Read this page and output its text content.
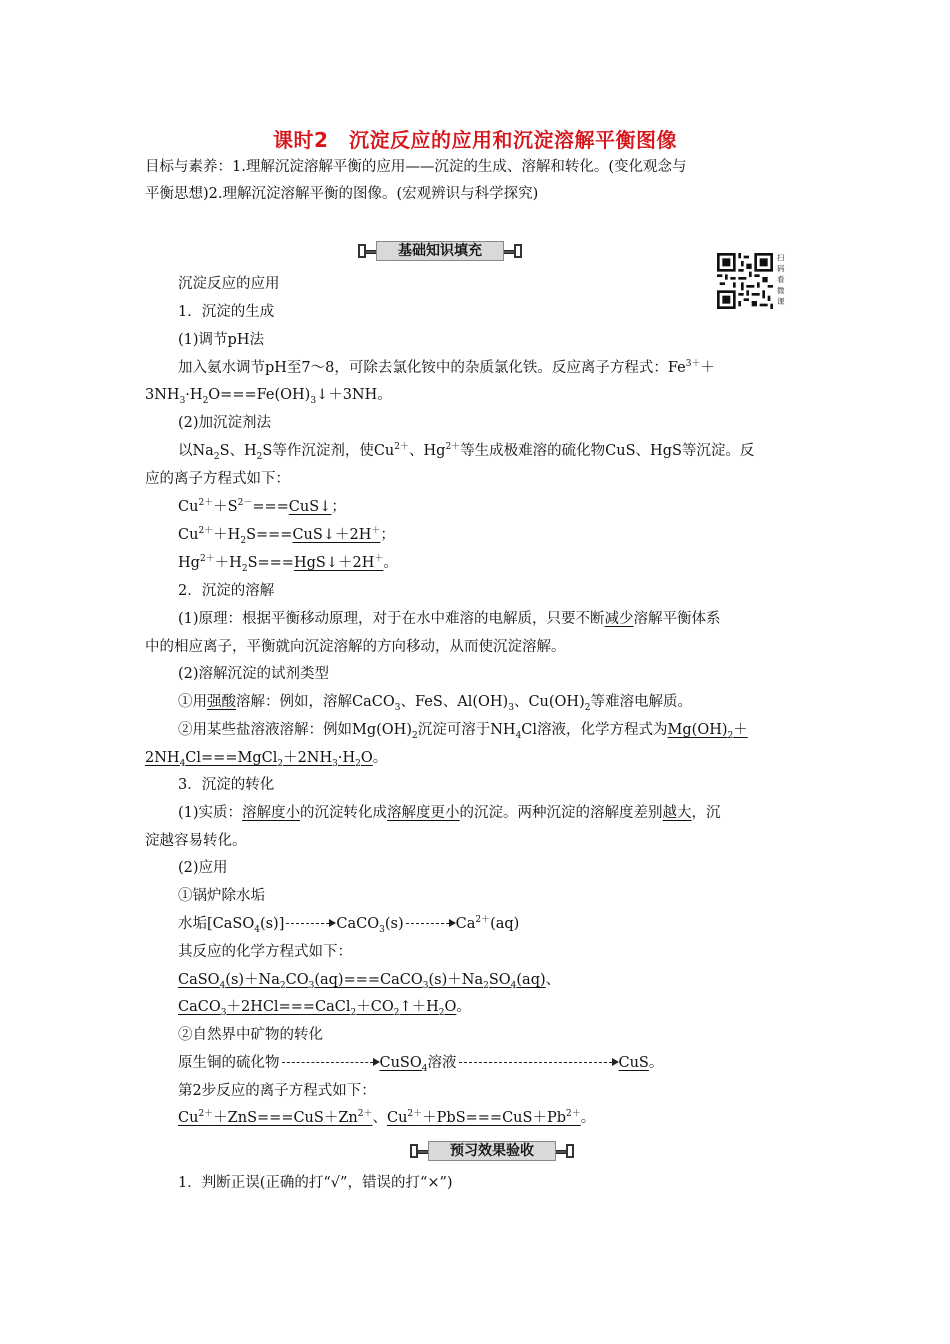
课时2　沉淀反应的应用和沉淀溶解平衡图像
目标与素养：1.理解沉淀溶解平衡的应用——沉淀的生成、溶解和转化。(变化观念与
平衡思想)2.理解沉淀溶解平衡的图像。(宏观辨识与科学探究)
基础知识填充	扫码看微课
沉淀反应的应用
1．沉淀的生成
(1)调节pH法
加入氨水调节pH至7～8，可除去氯化铵中的杂质氯化铁。反应离子方程式：$Fe^{3+}+$
$3NH_3\cdot H_2O===Fe(OH)_3↓+3NH$。
(2)加沉淀剂法
以$Na_2S$、$H_2S$等作沉淀剂，使$Cu^{2+}$、$Hg^{2+}$等生成极难溶的硫化物CuS、HgS等沉淀。反
应的离子方程式如下：
$Cu^{2+}+S^{2-}===CuS↓$；
$Cu^{2+}+H_2S===CuS↓+2H^+$；
$Hg^{2+}+H_2S===HgS↓+2H^+$。
2．沉淀的溶解
(1)原理：根据平衡移动原理，对于在水中难溶的电解质，只要不断减少溶解平衡体系
中的相应离子，平衡就向沉淀溶解的方向移动，从而使沉淀溶解。
(2)溶解沉淀的试剂类型
①用强酸溶解：例如，溶解CaCO$_3$、FeS、$Al(OH)_3$、$Cu(OH)_2$等难溶电解质。
②用某些盐溶液溶解：例如$Mg(OH)_2$沉淀可溶于$NH_4Cl$溶液，化学方程式为$Mg(OH)_2+$
$2NH_4Cl===MgCl_2+2NH_3\cdot H_2O$。
3．沉淀的转化
(1)实质：溶解度小的沉淀转化成溶解度更小的沉淀。两种沉淀的溶解度差别越大，沉
淀越容易转化。
(2)应用
①锅炉除水垢
水垢[CaSO$_4$(s)]	CaCO$_3$(s)	$Ca^{2+}(aq)$
其反应的化学方程式如下：
$CaSO_4(s)+Na_2CO_3(aq)===CaCO_3(s)+Na_2SO_4(aq)$、
$CaCO_3+2HCl===CaCl_2+CO_2↑+H_2O$。
②自然界中矿物的转化
原生铜的硫化物	CuSO$_4$溶液	CuS。
第2步反应的离子方程式如下：
$Cu^{2+}+ZnS===CuS+Zn^{2+}$、$Cu^{2+}+PbS===CuS+Pb^{2+}$。
预习效果验收
1．判断正误(正确的打“√”，错误的打“×”)
